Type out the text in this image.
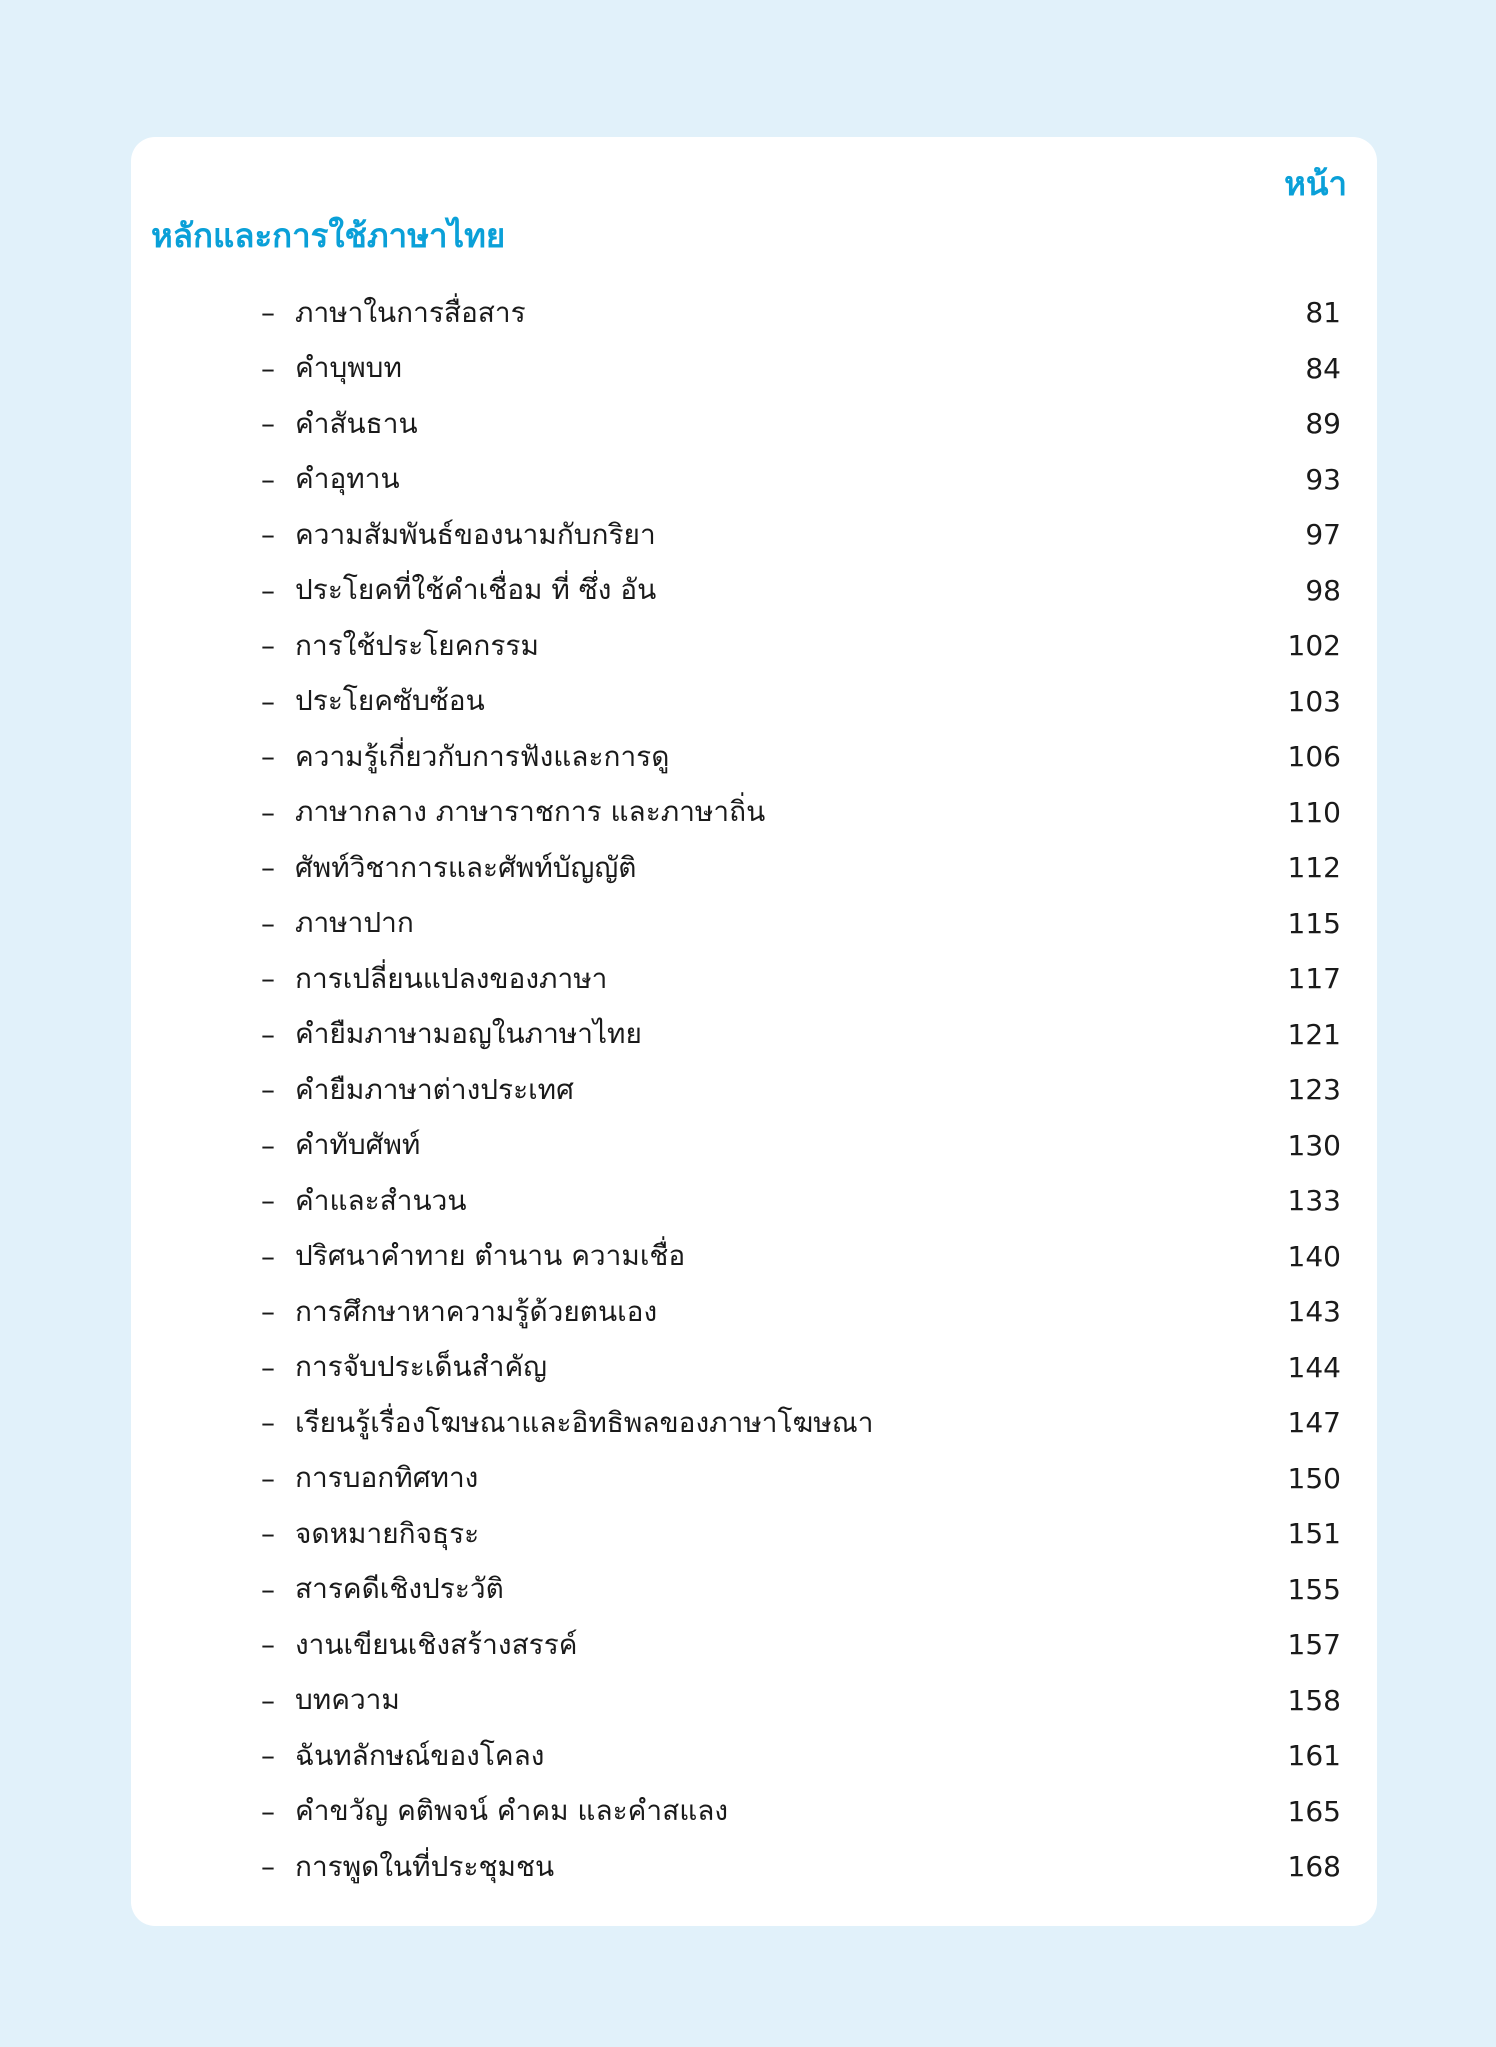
หน้า
หลักและการใช้ภาษาไทย
– ภาษาในการสื่อสาร	81
– คำบุพบท	84
– คำสันธาน	89
– คำอุทาน	93
– ความสัมพันธ์ของนามกับกริยา	97
– ประโยคที่ใช้คำเชื่อม ที่ ซึ่ง อัน	98
– การใช้ประโยคกรรม	102
– ประโยคซับซ้อน	103
– ความรู้เกี่ยวกับการฟังและการดู	106
– ภาษากลาง ภาษาราชการ และภาษาถิ่น	110
– ศัพท์วิชาการและศัพท์บัญญัติ	112
– ภาษาปาก	115
– การเปลี่ยนแปลงของภาษา	117
– คำยืมภาษามอญในภาษาไทย	121
– คำยืมภาษาต่างประเทศ	123
– คำทับศัพท์	130
– คำและสำนวน	133
– ปริศนาคำทาย ตำนาน ความเชื่อ	140
– การศึกษาหาความรู้ด้วยตนเอง	143
– การจับประเด็นสำคัญ	144
– เรียนรู้เรื่องโฆษณาและอิทธิพลของภาษาโฆษณา	147
– การบอกทิศทาง	150
– จดหมายกิจธุระ	151
– สารคดีเชิงประวัติ	155
– งานเขียนเชิงสร้างสรรค์	157
– บทความ	158
– ฉันทลักษณ์ของโคลง	161
– คำขวัญ คติพจน์ คำคม และคำสแลง	165
– การพูดในที่ประชุมชน	168
